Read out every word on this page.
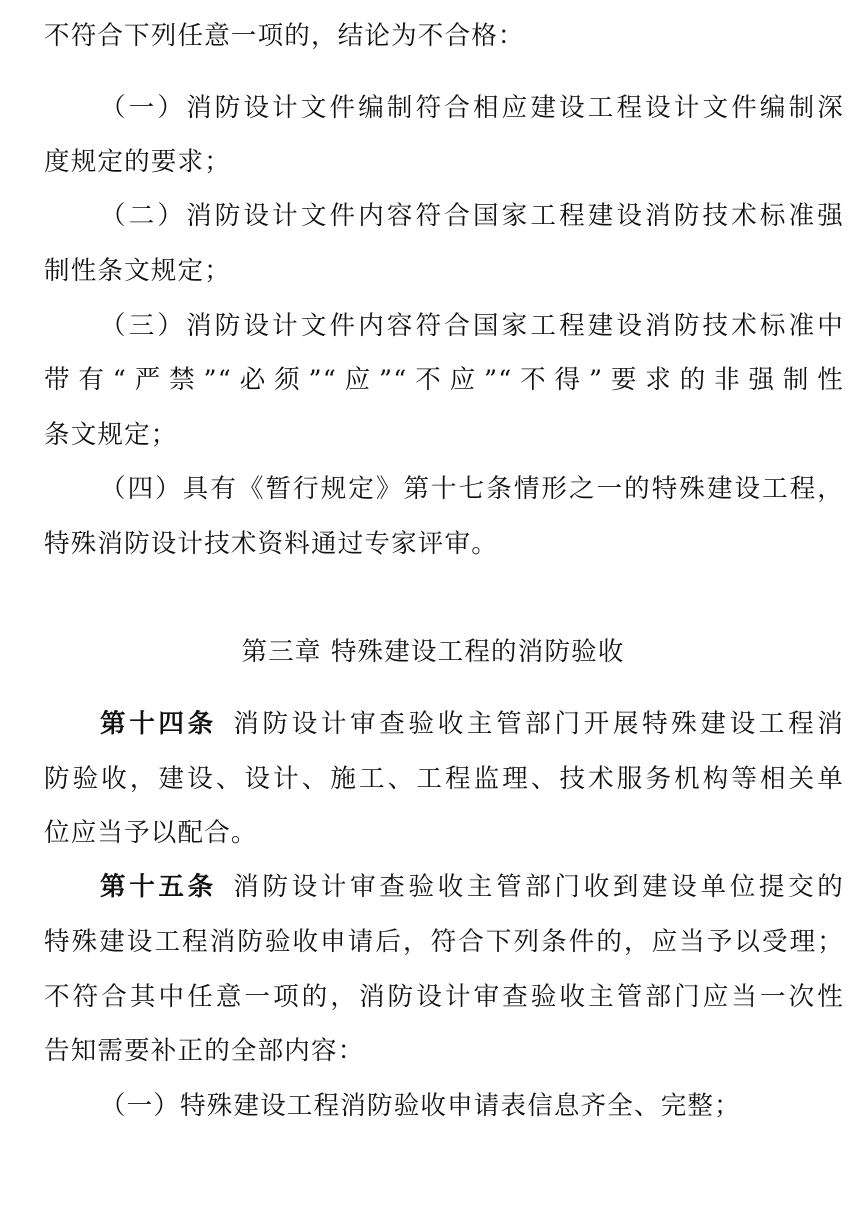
不符合下列任意一项的，结论为不合格：
（一）消防设计文件编制符合相应建设工程设计文件编制深
度规定的要求；
（二）消防设计文件内容符合国家工程建设消防技术标准强
制性条文规定；
（三）消防设计文件内容符合国家工程建设消防技术标准中
带有“严禁”“必须”“应”“不应”“不得”要求的非强制性
条文规定；
（四）具有《暂行规定》第十七条情形之一的特殊建设工程，
特殊消防设计技术资料通过专家评审。
第三章 特殊建设工程的消防验收
第十四条 消防设计审查验收主管部门开展特殊建设工程消
防验收，建设、设计、施工、工程监理、技术服务机构等相关单
位应当予以配合。
第十五条 消防设计审查验收主管部门收到建设单位提交的
特殊建设工程消防验收申请后，符合下列条件的，应当予以受理；
不符合其中任意一项的，消防设计审查验收主管部门应当一次性
告知需要补正的全部内容：
（一）特殊建设工程消防验收申请表信息齐全、完整；
